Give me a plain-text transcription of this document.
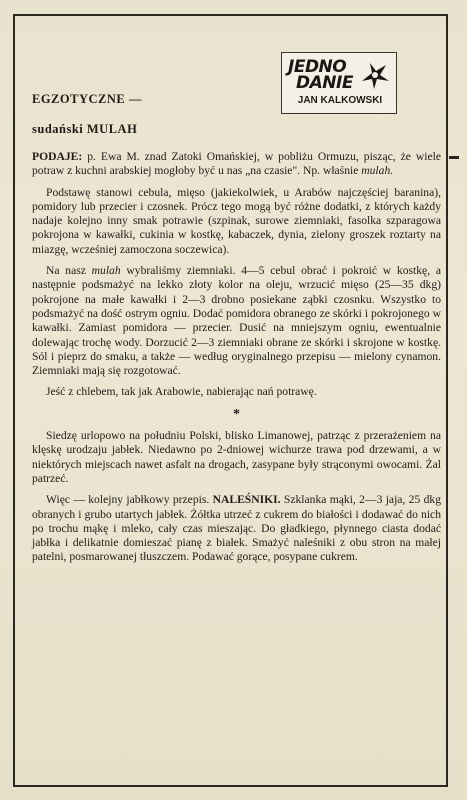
JEDNO
DANIE
JAN KALKOWSKI
EGZOTYCZNE —
sudański MULAH

PODAJE: p. Ewa M. znad Zatoki Omańskiej, w pobliżu Ormuzu, pisząc, że wiele potraw z kuchni arabskiej mogłoby być u nas „na czasie". Np. właśnie mulah.

Podstawę stanowi cebula, mięso (jakiekolwiek, u Arabów najczęściej baranina), pomidory lub przecier i czosnek. Prócz tego mogą być różne dodatki, z których każdy nadaje kolejno inny smak potrawie (szpinak, surowe ziemniaki, fasolka szparagowa pokrojona w kawałki, cukinia w kostkę, kabaczek, dynia, zielony groszek roztarty na miazgę, wcześniej zamoczona soczewica).

Na nasz mulah wybraliśmy ziemniaki. 4—5 cebul obrać i pokroić w kostkę, a następnie podsmażyć na lekko złoty kolor na oleju, wrzucić mięso (25—35 dkg) pokrojone na małe kawałki i 2—3 drobno posiekane ząbki czosnku. Wszystko to podsmażyć na dość ostrym ogniu. Dodać pomidora obranego ze skórki i pokrojonego w kawałki. Zamiast pomidora — przecier. Dusić na mniejszym ogniu, ewentualnie dolewając trochę wody. Dorzucić 2—3 ziemniaki obrane ze skórki i skrojone w kostkę. Sól i pieprz do smaku, a także — według oryginalnego przepisu — mielony cynamon. Ziemniaki mają się rozgotować.

Jeść z chlebem, tak jak Arabowie, nabierając nań potrawę.

*

Siedzę urlopowo na południu Polski, blisko Limanowej, patrząc z przerażeniem na klęskę urodzaju jabłek. Niedawno po 2-dniowej wichurze trawa pod drzewami, a w niektórych miejscach nawet asfalt na drogach, zasypane były strąconymi owocami. Żal patrzeć.

Więc — kolejny jabłkowy przepis. NALEŚNIKI. Szklanka mąki, 2—3 jaja, 25 dkg obranych i grubo utartych jabłek. Żółtka utrzeć z cukrem do białości i dodawać do nich po trochu mąkę i mleko, cały czas mieszając. Do gładkiego, płynnego ciasta dodać jabłka i delikatnie domieszać pianę z białek. Smażyć naleśniki z obu stron na małej patelni, posmarowanej tłuszczem. Podawać gorące, posypane cukrem.
